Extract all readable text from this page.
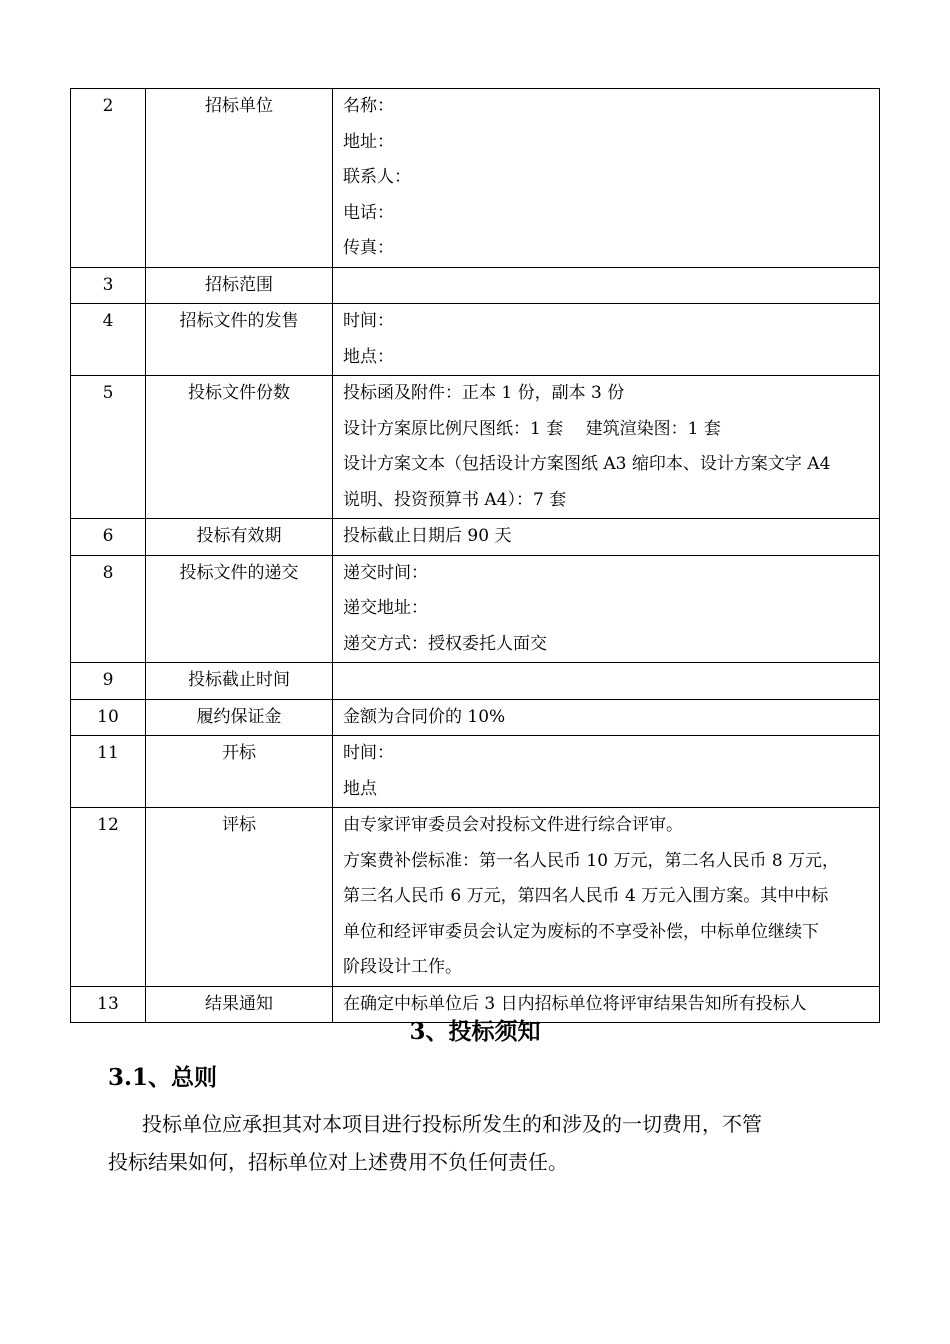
2	招标单位	名称：
地址：
联系人：
电话：
传真：

3	招标范围	

4	招标文件的发售	时间：
地点：

5	投标文件份数	投标函及附件：正本 1 份，副本 3 份
设计方案原比例尺图纸：1 套　 建筑渲染图：1 套
设计方案文本（包括设计方案图纸 A3 缩印本、设计方案文字 A4
说明、投资预算书 A4）：7 套

6	投标有效期	投标截止日期后 90 天

8	投标文件的递交	递交时间：
递交地址：
递交方式：授权委托人面交

9	投标截止时间	

10	履约保证金	金额为合同价的 10%

11	开标	时间：
地点

12	评标	由专家评审委员会对投标文件进行综合评审。
方案费补偿标准：第一名人民币 10 万元，第二名人民币 8 万元，
第三名人民币 6 万元，第四名人民币 4 万元入围方案。其中中标
单位和经评审委员会认定为废标的不享受补偿，中标单位继续下
阶段设计工作。

13	结果通知	在确定中标单位后 3 日内招标单位将评审结果告知所有投标人
3、投标须知
3.1、总则
投标单位应承担其对本项目进行投标所发生的和涉及的一切费用，不管
投标结果如何，招标单位对上述费用不负任何责任。
